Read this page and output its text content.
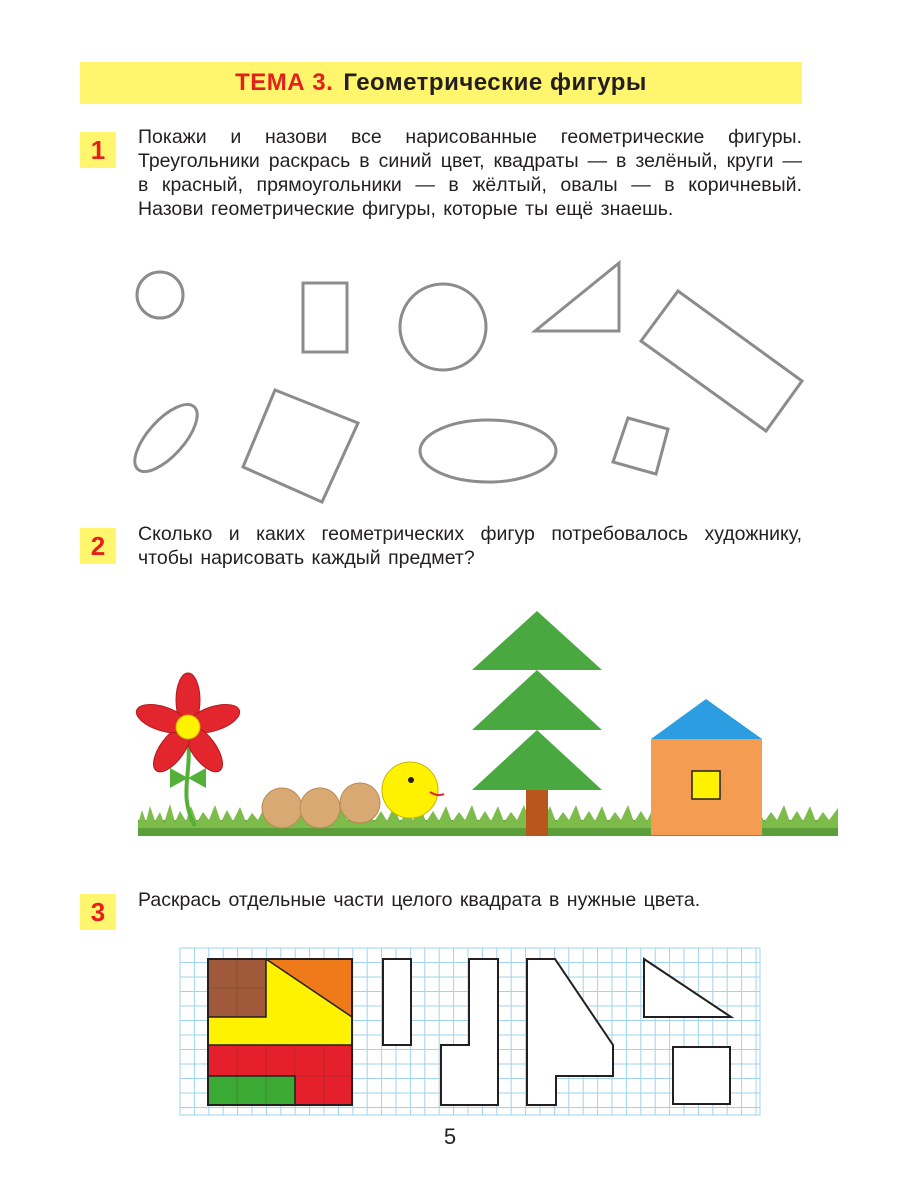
ТЕМА 3. Геометрические фигуры
1	Покажи и назови все нарисованные геометрические фигуры. Треугольники раскрась в синий цвет, квадраты — в зелёный, круги — в красный, прямоугольники — в жёлтый, овалы — в коричневый. Назови геометрические фигуры, которые ты ещё знаешь.
2	Сколько и каких геометрических фигур потребовалось художнику, чтобы нарисовать каждый предмет?
3	Раскрась отдельные части целого квадрата в нужные цвета.
5
